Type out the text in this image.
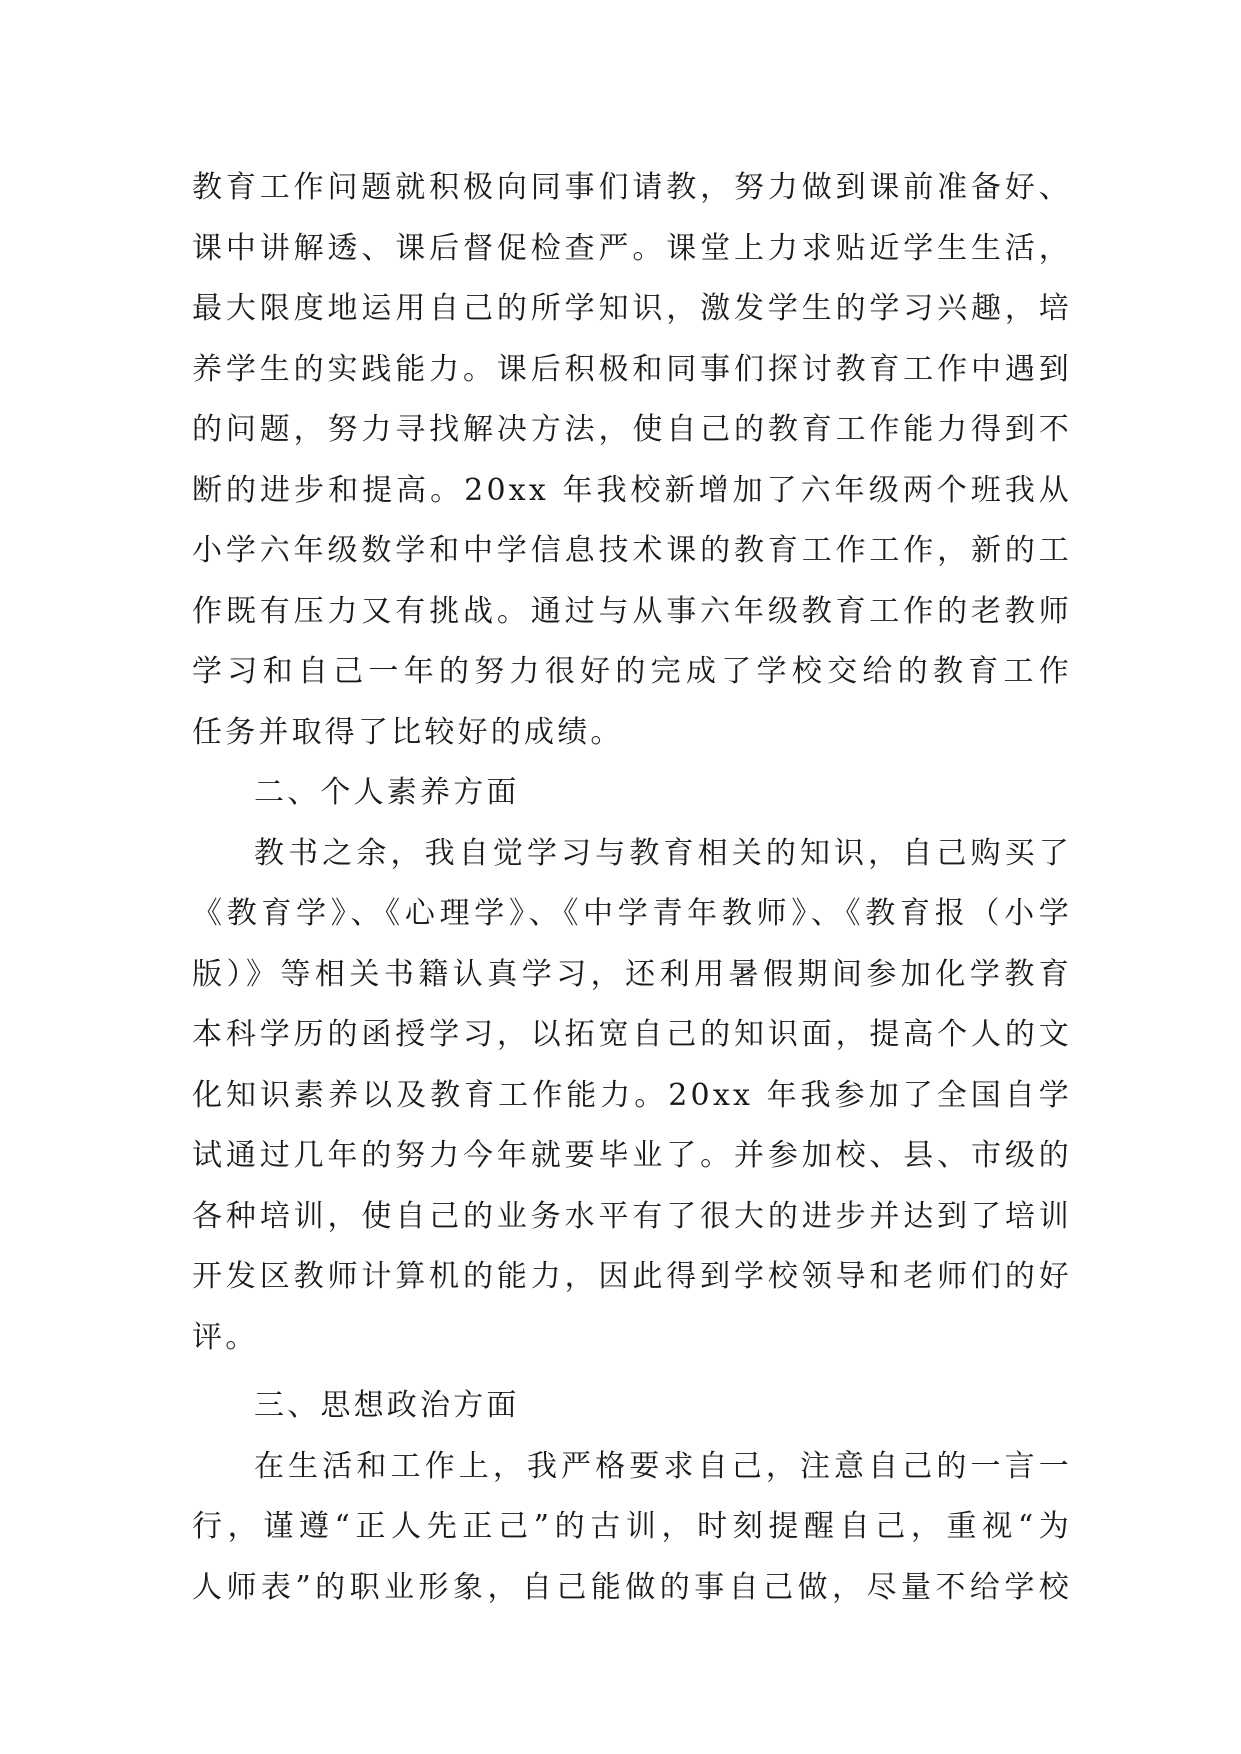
教育工作问题就积极向同事们请教，努力做到课前准备好、
课中讲解透、课后督促检查严。课堂上力求贴近学生生活，
最大限度地运用自己的所学知识，激发学生的学习兴趣，培
养学生的实践能力。课后积极和同事们探讨教育工作中遇到
的问题，努力寻找解决方法，使自己的教育工作能力得到不
断的进步和提高。20xx 年我校新增加了六年级两个班我从
小学六年级数学和中学信息技术课的教育工作工作，新的工
作既有压力又有挑战。通过与从事六年级教育工作的老教师
学习和自己一年的努力很好的完成了学校交给的教育工作
任务并取得了比较好的成绩。
二、个人素养方面
教书之余，我自觉学习与教育相关的知识，自己购买了
《教育学》、《心理学》、《中学青年教师》、《教育报（小学
版）》等相关书籍认真学习，还利用暑假期间参加化学教育
本科学历的函授学习，以拓宽自己的知识面，提高个人的文
化知识素养以及教育工作能力。20xx 年我参加了全国自学
试通过几年的努力今年就要毕业了。并参加校、县、市级的
各种培训，使自己的业务水平有了很大的进步并达到了培训
开发区教师计算机的能力，因此得到学校领导和老师们的好
评。
三、思想政治方面
在生活和工作上，我严格要求自己，注意自己的一言一
行，谨遵“正人先正己”的古训，时刻提醒自己，重视“为
人师表”的职业形象，自己能做的事自己做，尽量不给学校
